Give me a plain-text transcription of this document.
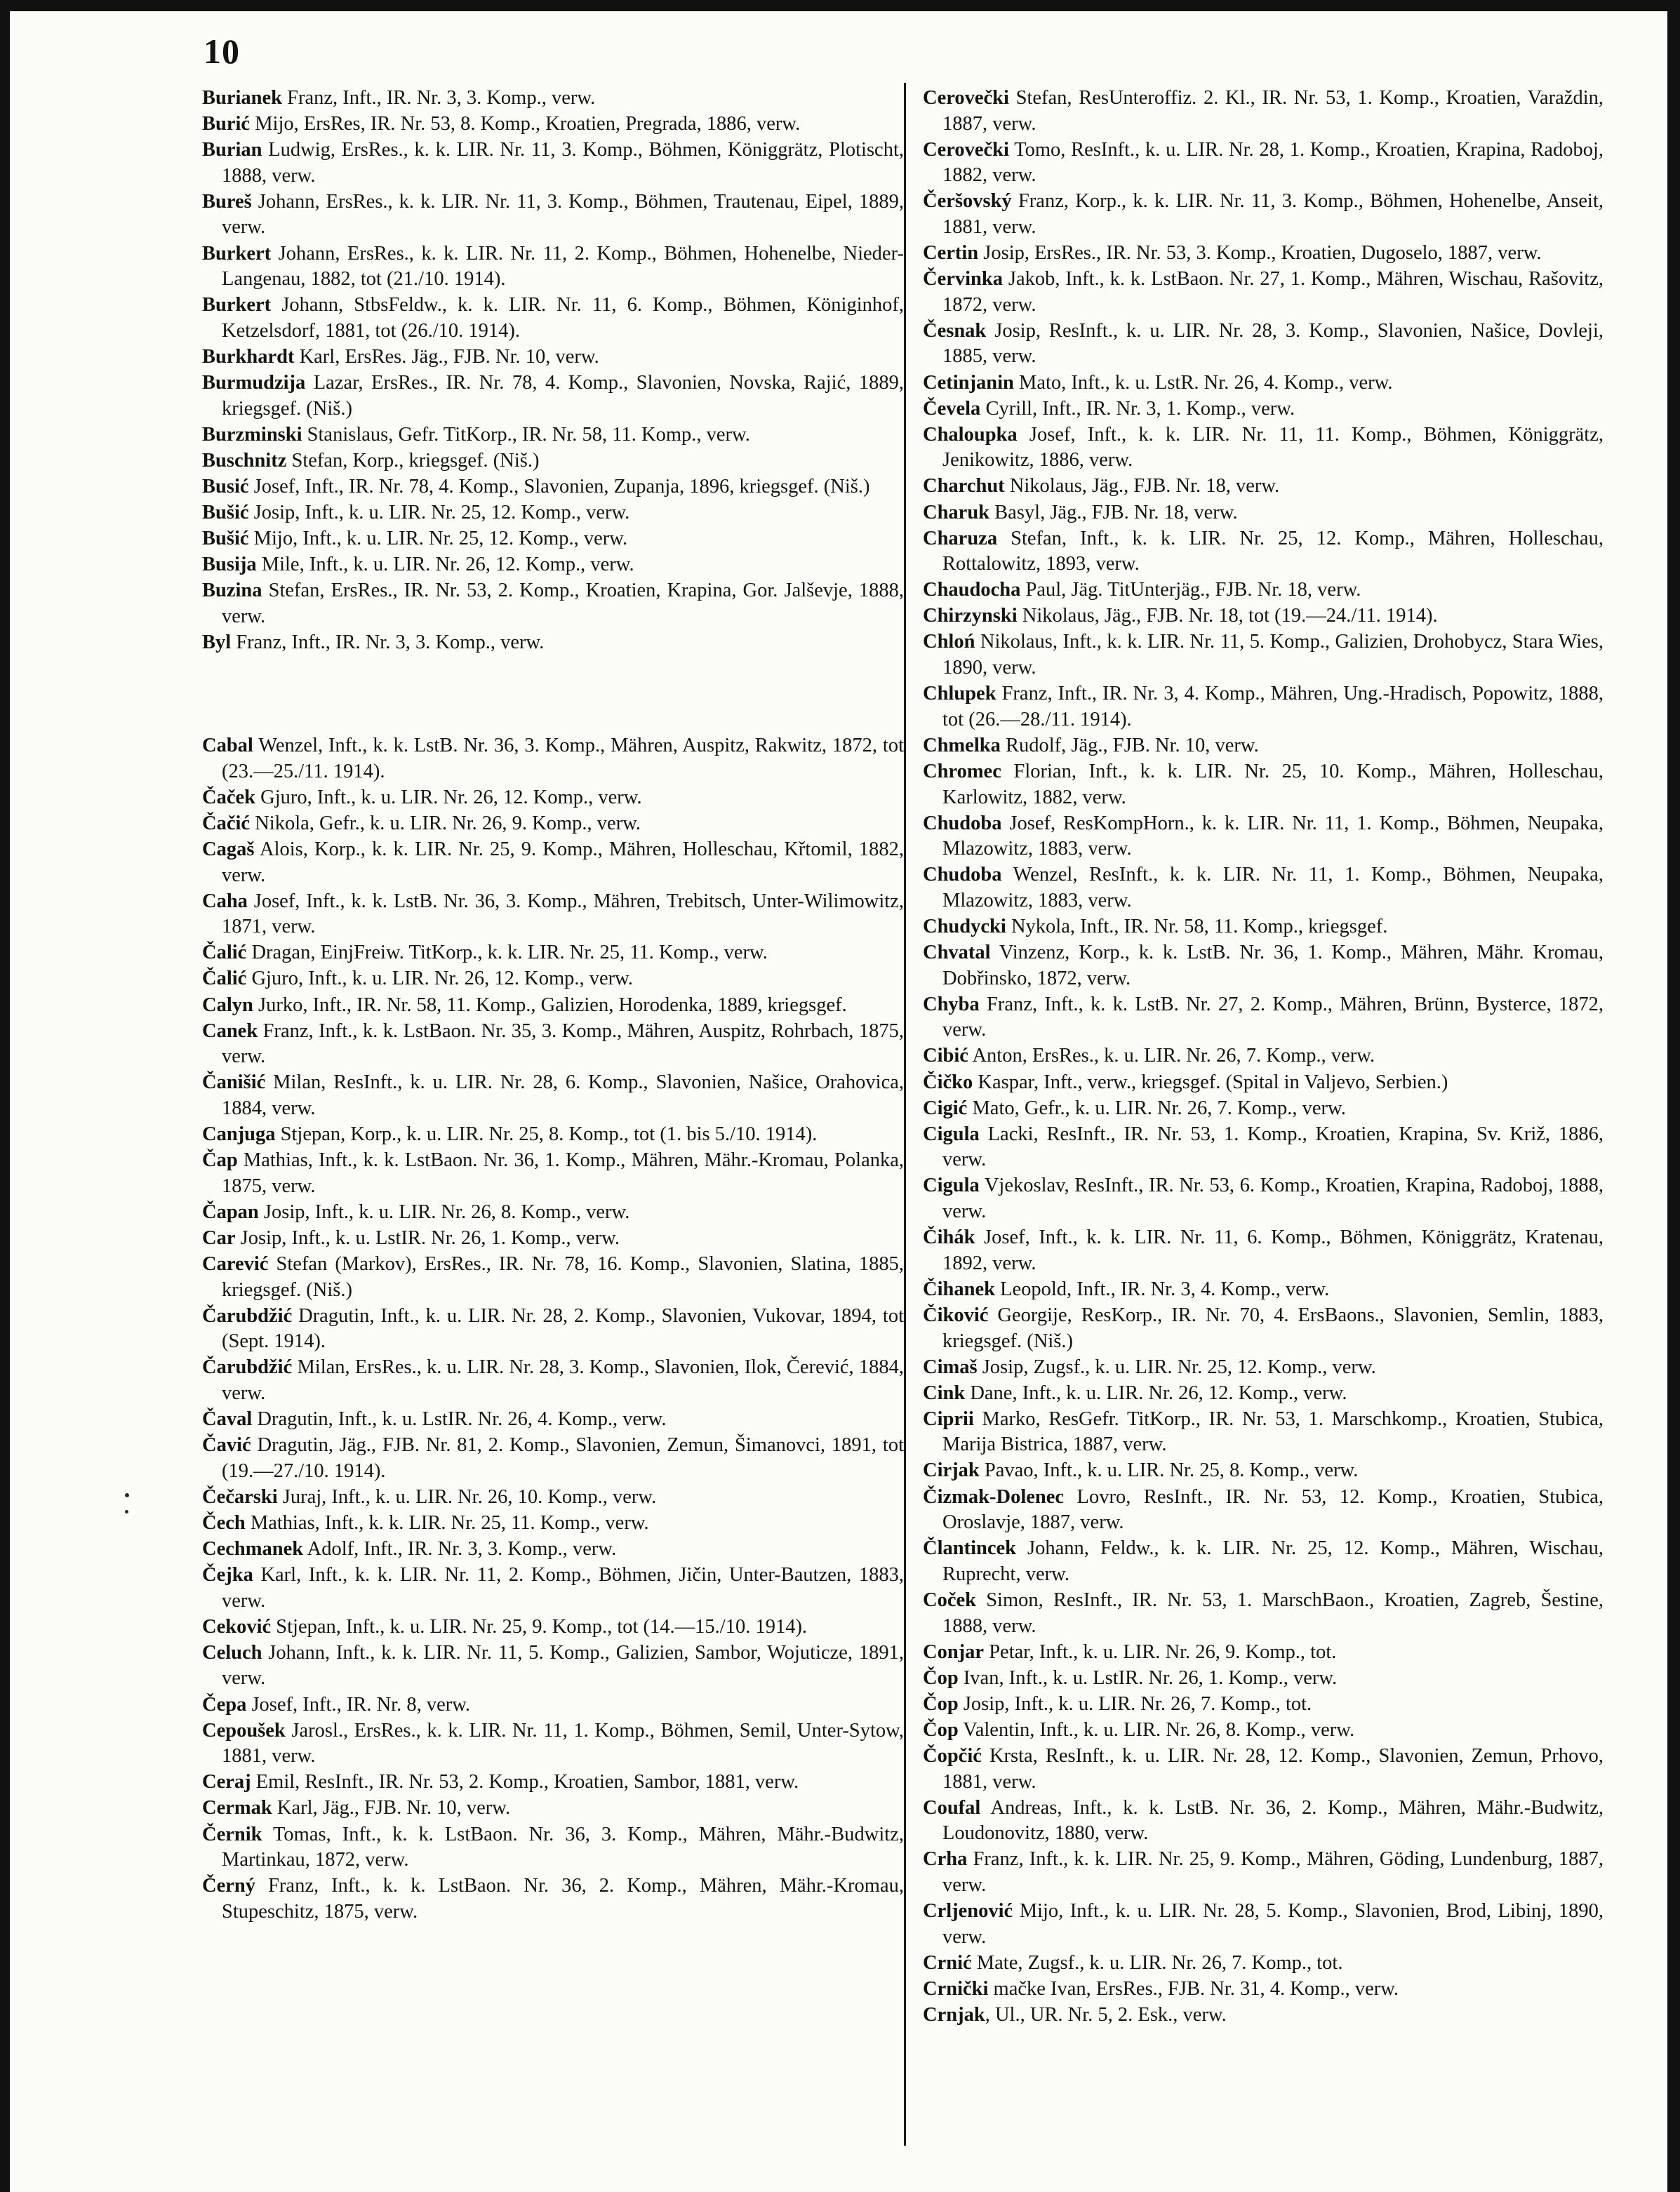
10
Burianek Franz, Inft., IR. Nr. 3, 3. Komp., verw.
Burić Mijo, ErsRes, IR. Nr. 53, 8. Komp., Kroatien, Pregrada, 1886, verw.
Burian Ludwig, ErsRes., k. k. LIR. Nr. 11, 3. Komp., Böhmen, Königgrätz, Plotischt, 1888, verw.
Bureš Johann, ErsRes., k. k. LIR. Nr. 11, 3. Komp., Böhmen, Trautenau, Eipel, 1889, verw.
Burkert Johann, ErsRes., k. k. LIR. Nr. 11, 2. Komp., Böhmen, Hohenelbe, Nieder-Langenau, 1882, tot (21./10. 1914).
Burkert Johann, StbsFeldw., k. k. LIR. Nr. 11, 6. Komp., Böhmen, Königinhof, Ketzelsdorf, 1881, tot (26./10. 1914).
Burkhardt Karl, ErsRes. Jäg., FJB. Nr. 10, verw.
Burmudzija Lazar, ErsRes., IR. Nr. 78, 4. Komp., Slavonien, Novska, Rajić, 1889, kriegsgef. (Niš.)
Burzminski Stanislaus, Gefr. TitKorp., IR. Nr. 58, 11. Komp., verw.
Buschnitz Stefan, Korp., kriegsgef. (Niš.)
Busić Josef, Inft., IR. Nr. 78, 4. Komp., Slavonien, Zupanja, 1896, kriegsgef. (Niš.)
Bušić Josip, Inft., k. u. LIR. Nr. 25, 12. Komp., verw.
Bušić Mijo, Inft., k. u. LIR. Nr. 25, 12. Komp., verw.
Busija Mile, Inft., k. u. LIR. Nr. 26, 12. Komp., verw.
Buzina Stefan, ErsRes., IR. Nr. 53, 2. Komp., Kroatien, Krapina, Gor. Jalševje, 1888, verw.
Byl Franz, Inft., IR. Nr. 3, 3. Komp., verw.
Cabal Wenzel, Inft., k. k. LstB. Nr. 36, 3. Komp., Mähren, Auspitz, Rakwitz, 1872, tot (23.—25./11. 1914).
Čaček Gjuro, Inft., k. u. LIR. Nr. 26, 12. Komp., verw.
Čačić Nikola, Gefr., k. u. LIR. Nr. 26, 9. Komp., verw.
Cagaš Alois, Korp., k. k. LIR. Nr. 25, 9. Komp., Mähren, Holleschau, Křtomil, 1882, verw.
Caha Josef, Inft., k. k. LstB. Nr. 36, 3. Komp., Mähren, Trebitsch, Unter-Wilimowitz, 1871, verw.
Čalić Dragan, EinjFreiw. TitKorp., k. k. LIR. Nr. 25, 11. Komp., verw.
Čalić Gjuro, Inft., k. u. LIR. Nr. 26, 12. Komp., verw.
Calyn Jurko, Inft., IR. Nr. 58, 11. Komp., Galizien, Horodenka, 1889, kriegsgef.
Canek Franz, Inft., k. k. LstBaon. Nr. 35, 3. Komp., Mähren, Auspitz, Rohrbach, 1875, verw.
Čanišić Milan, ResInft., k. u. LIR. Nr. 28, 6. Komp., Slavonien, Našice, Orahovica, 1884, verw.
Canjuga Stjepan, Korp., k. u. LIR. Nr. 25, 8. Komp., tot (1. bis 5./10. 1914).
Čap Mathias, Inft., k. k. LstBaon. Nr. 36, 1. Komp., Mähren, Mähr.-Kromau, Polanka, 1875, verw.
Čapan Josip, Inft., k. u. LIR. Nr. 26, 8. Komp., verw.
Car Josip, Inft., k. u. LstIR. Nr. 26, 1. Komp., verw.
Carević Stefan (Markov), ErsRes., IR. Nr. 78, 16. Komp., Slavonien, Slatina, 1885, kriegsgef. (Niš.)
Čarubdžić Dragutin, Inft., k. u. LIR. Nr. 28, 2. Komp., Slavonien, Vukovar, 1894, tot (Sept. 1914).
Čarubdžić Milan, ErsRes., k. u. LIR. Nr. 28, 3. Komp., Slavonien, Ilok, Čerević, 1884, verw.
Čaval Dragutin, Inft., k. u. LstIR. Nr. 26, 4. Komp., verw.
Čavić Dragutin, Jäg., FJB. Nr. 81, 2. Komp., Slavonien, Zemun, Šimanovci, 1891, tot (19.—27./10. 1914).
Čečarski Juraj, Inft., k. u. LIR. Nr. 26, 10. Komp., verw.
Čech Mathias, Inft., k. k. LIR. Nr. 25, 11. Komp., verw.
Cechmanek Adolf, Inft., IR. Nr. 3, 3. Komp., verw.
Čejka Karl, Inft., k. k. LIR. Nr. 11, 2. Komp., Böhmen, Jičin, Unter-Bautzen, 1883, verw.
Ceković Stjepan, Inft., k. u. LIR. Nr. 25, 9. Komp., tot (14.—15./10. 1914).
Celuch Johann, Inft., k. k. LIR. Nr. 11, 5. Komp., Galizien, Sambor, Wojuticze, 1891, verw.
Čepa Josef, Inft., IR. Nr. 8, verw.
Cepoušek Jarosl., ErsRes., k. k. LIR. Nr. 11, 1. Komp., Böhmen, Semil, Unter-Sytow, 1881, verw.
Ceraj Emil, ResInft., IR. Nr. 53, 2. Komp., Kroatien, Sambor, 1881, verw.
Cermak Karl, Jäg., FJB. Nr. 10, verw.
Černik Tomas, Inft., k. k. LstBaon. Nr. 36, 3. Komp., Mähren, Mähr.-Budwitz, Martinkau, 1872, verw.
Černý Franz, Inft., k. k. LstBaon. Nr. 36, 2. Komp., Mähren, Mähr.-Kromau, Stupeschitz, 1875, verw.
Cerovečki Stefan, ResUnteroffiz. 2. Kl., IR. Nr. 53, 1. Komp., Kroatien, Varaždin, 1887, verw.
Cerovečki Tomo, ResInft., k. u. LIR. Nr. 28, 1. Komp., Kroatien, Krapina, Radoboj, 1882, verw.
Čeršovský Franz, Korp., k. k. LIR. Nr. 11, 3. Komp., Böhmen, Hohenelbe, Anseit, 1881, verw.
Certin Josip, ErsRes., IR. Nr. 53, 3. Komp., Kroatien, Dugoselo, 1887, verw.
Červinka Jakob, Inft., k. k. LstBaon. Nr. 27, 1. Komp., Mähren, Wischau, Rašovitz, 1872, verw.
Česnak Josip, ResInft., k. u. LIR. Nr. 28, 3. Komp., Slavonien, Našice, Dovleji, 1885, verw.
Cetinjanin Mato, Inft., k. u. LstR. Nr. 26, 4. Komp., verw.
Čevela Cyrill, Inft., IR. Nr. 3, 1. Komp., verw.
Chaloupka Josef, Inft., k. k. LIR. Nr. 11, 11. Komp., Böhmen, Königgrätz, Jenikowitz, 1886, verw.
Charchut Nikolaus, Jäg., FJB. Nr. 18, verw.
Charuk Basyl, Jäg., FJB. Nr. 18, verw.
Charuza Stefan, Inft., k. k. LIR. Nr. 25, 12. Komp., Mähren, Holleschau, Rottalowitz, 1893, verw.
Chaudocha Paul, Jäg. TitUnterjäg., FJB. Nr. 18, verw.
Chirzynski Nikolaus, Jäg., FJB. Nr. 18, tot (19.—24./11. 1914).
Chloń Nikolaus, Inft., k. k. LIR. Nr. 11, 5. Komp., Galizien, Drohobycz, Stara Wies, 1890, verw.
Chlupek Franz, Inft., IR. Nr. 3, 4. Komp., Mähren, Ung.-Hradisch, Popowitz, 1888, tot (26.—28./11. 1914).
Chmelka Rudolf, Jäg., FJB. Nr. 10, verw.
Chromec Florian, Inft., k. k. LIR. Nr. 25, 10. Komp., Mähren, Holleschau, Karlowitz, 1882, verw.
Chudoba Josef, ResKompHorn., k. k. LIR. Nr. 11, 1. Komp., Böhmen, Neupaka, Mlazowitz, 1883, verw.
Chudoba Wenzel, ResInft., k. k. LIR. Nr. 11, 1. Komp., Böhmen, Neupaka, Mlazowitz, 1883, verw.
Chudycki Nykola, Inft., IR. Nr. 58, 11. Komp., kriegsgef.
Chvatal Vinzenz, Korp., k. k. LstB. Nr. 36, 1. Komp., Mähren, Mähr. Kromau, Dobřinsko, 1872, verw.
Chyba Franz, Inft., k. k. LstB. Nr. 27, 2. Komp., Mähren, Brünn, Bystercе, 1872, verw.
Cibić Anton, ErsRes., k. u. LIR. Nr. 26, 7. Komp., verw.
Čičko Kaspar, Inft., verw., kriegsgef. (Spital in Valjevo, Serbien.)
Cigić Mato, Gefr., k. u. LIR. Nr. 26, 7. Komp., verw.
Cigula Lacki, ResInft., IR. Nr. 53, 1. Komp., Kroatien, Krapina, Sv. Križ, 1886, verw.
Cigula Vjekoslav, ResInft., IR. Nr. 53, 6. Komp., Kroatien, Krapina, Radoboj, 1888, verw.
Čihák Josef, Inft., k. k. LIR. Nr. 11, 6. Komp., Böhmen, Königgrätz, Kratenau, 1892, verw.
Čihanek Leopold, Inft., IR. Nr. 3, 4. Komp., verw.
Čiković Georgije, ResKorp., IR. Nr. 70, 4. ErsBaons., Slavonien, Semlin, 1883, kriegsgef. (Niš.)
Cimaš Josip, Zugsf., k. u. LIR. Nr. 25, 12. Komp., verw.
Cink Dane, Inft., k. u. LIR. Nr. 26, 12. Komp., verw.
Ciprii Marko, ResGefr. TitKorp., IR. Nr. 53, 1. Marschkomp., Kroatien, Stubica, Marija Bistrica, 1887, verw.
Cirjak Pavao, Inft., k. u. LIR. Nr. 25, 8. Komp., verw.
Čizmak-Dolenec Lovro, ResInft., IR. Nr. 53, 12. Komp., Kroatien, Stubica, Oroslavje, 1887, verw.
Člantincek Johann, Feldw., k. k. LIR. Nr. 25, 12. Komp., Mähren, Wischau, Ruprecht, verw.
Coček Simon, ResInft., IR. Nr. 53, 1. MarschBaon., Kroatien, Zagreb, Šestine, 1888, verw.
Conjar Petar, Inft., k. u. LIR. Nr. 26, 9. Komp., tot.
Čop Ivan, Inft., k. u. LstIR. Nr. 26, 1. Komp., verw.
Čop Josip, Inft., k. u. LIR. Nr. 26, 7. Komp., tot.
Čop Valentin, Inft., k. u. LIR. Nr. 26, 8. Komp., verw.
Čopčić Krsta, ResInft., k. u. LIR. Nr. 28, 12. Komp., Slavonien, Zemun, Prhovo, 1881, verw.
Coufal Andreas, Inft., k. k. LstB. Nr. 36, 2. Komp., Mähren, Mähr.-Budwitz, Loudonovitz, 1880, verw.
Crha Franz, Inft., k. k. LIR. Nr. 25, 9. Komp., Mähren, Göding, Lundenburg, 1887, verw.
Crljenović Mijo, Inft., k. u. LIR. Nr. 28, 5. Komp., Slavonien, Brod, Libinj, 1890, verw.
Crnić Mate, Zugsf., k. u. LIR. Nr. 26, 7. Komp., tot.
Crnički mačke Ivan, ErsRes., FJB. Nr. 31, 4. Komp., verw.
Crnjak, Ul., UR. Nr. 5, 2. Esk., verw.
